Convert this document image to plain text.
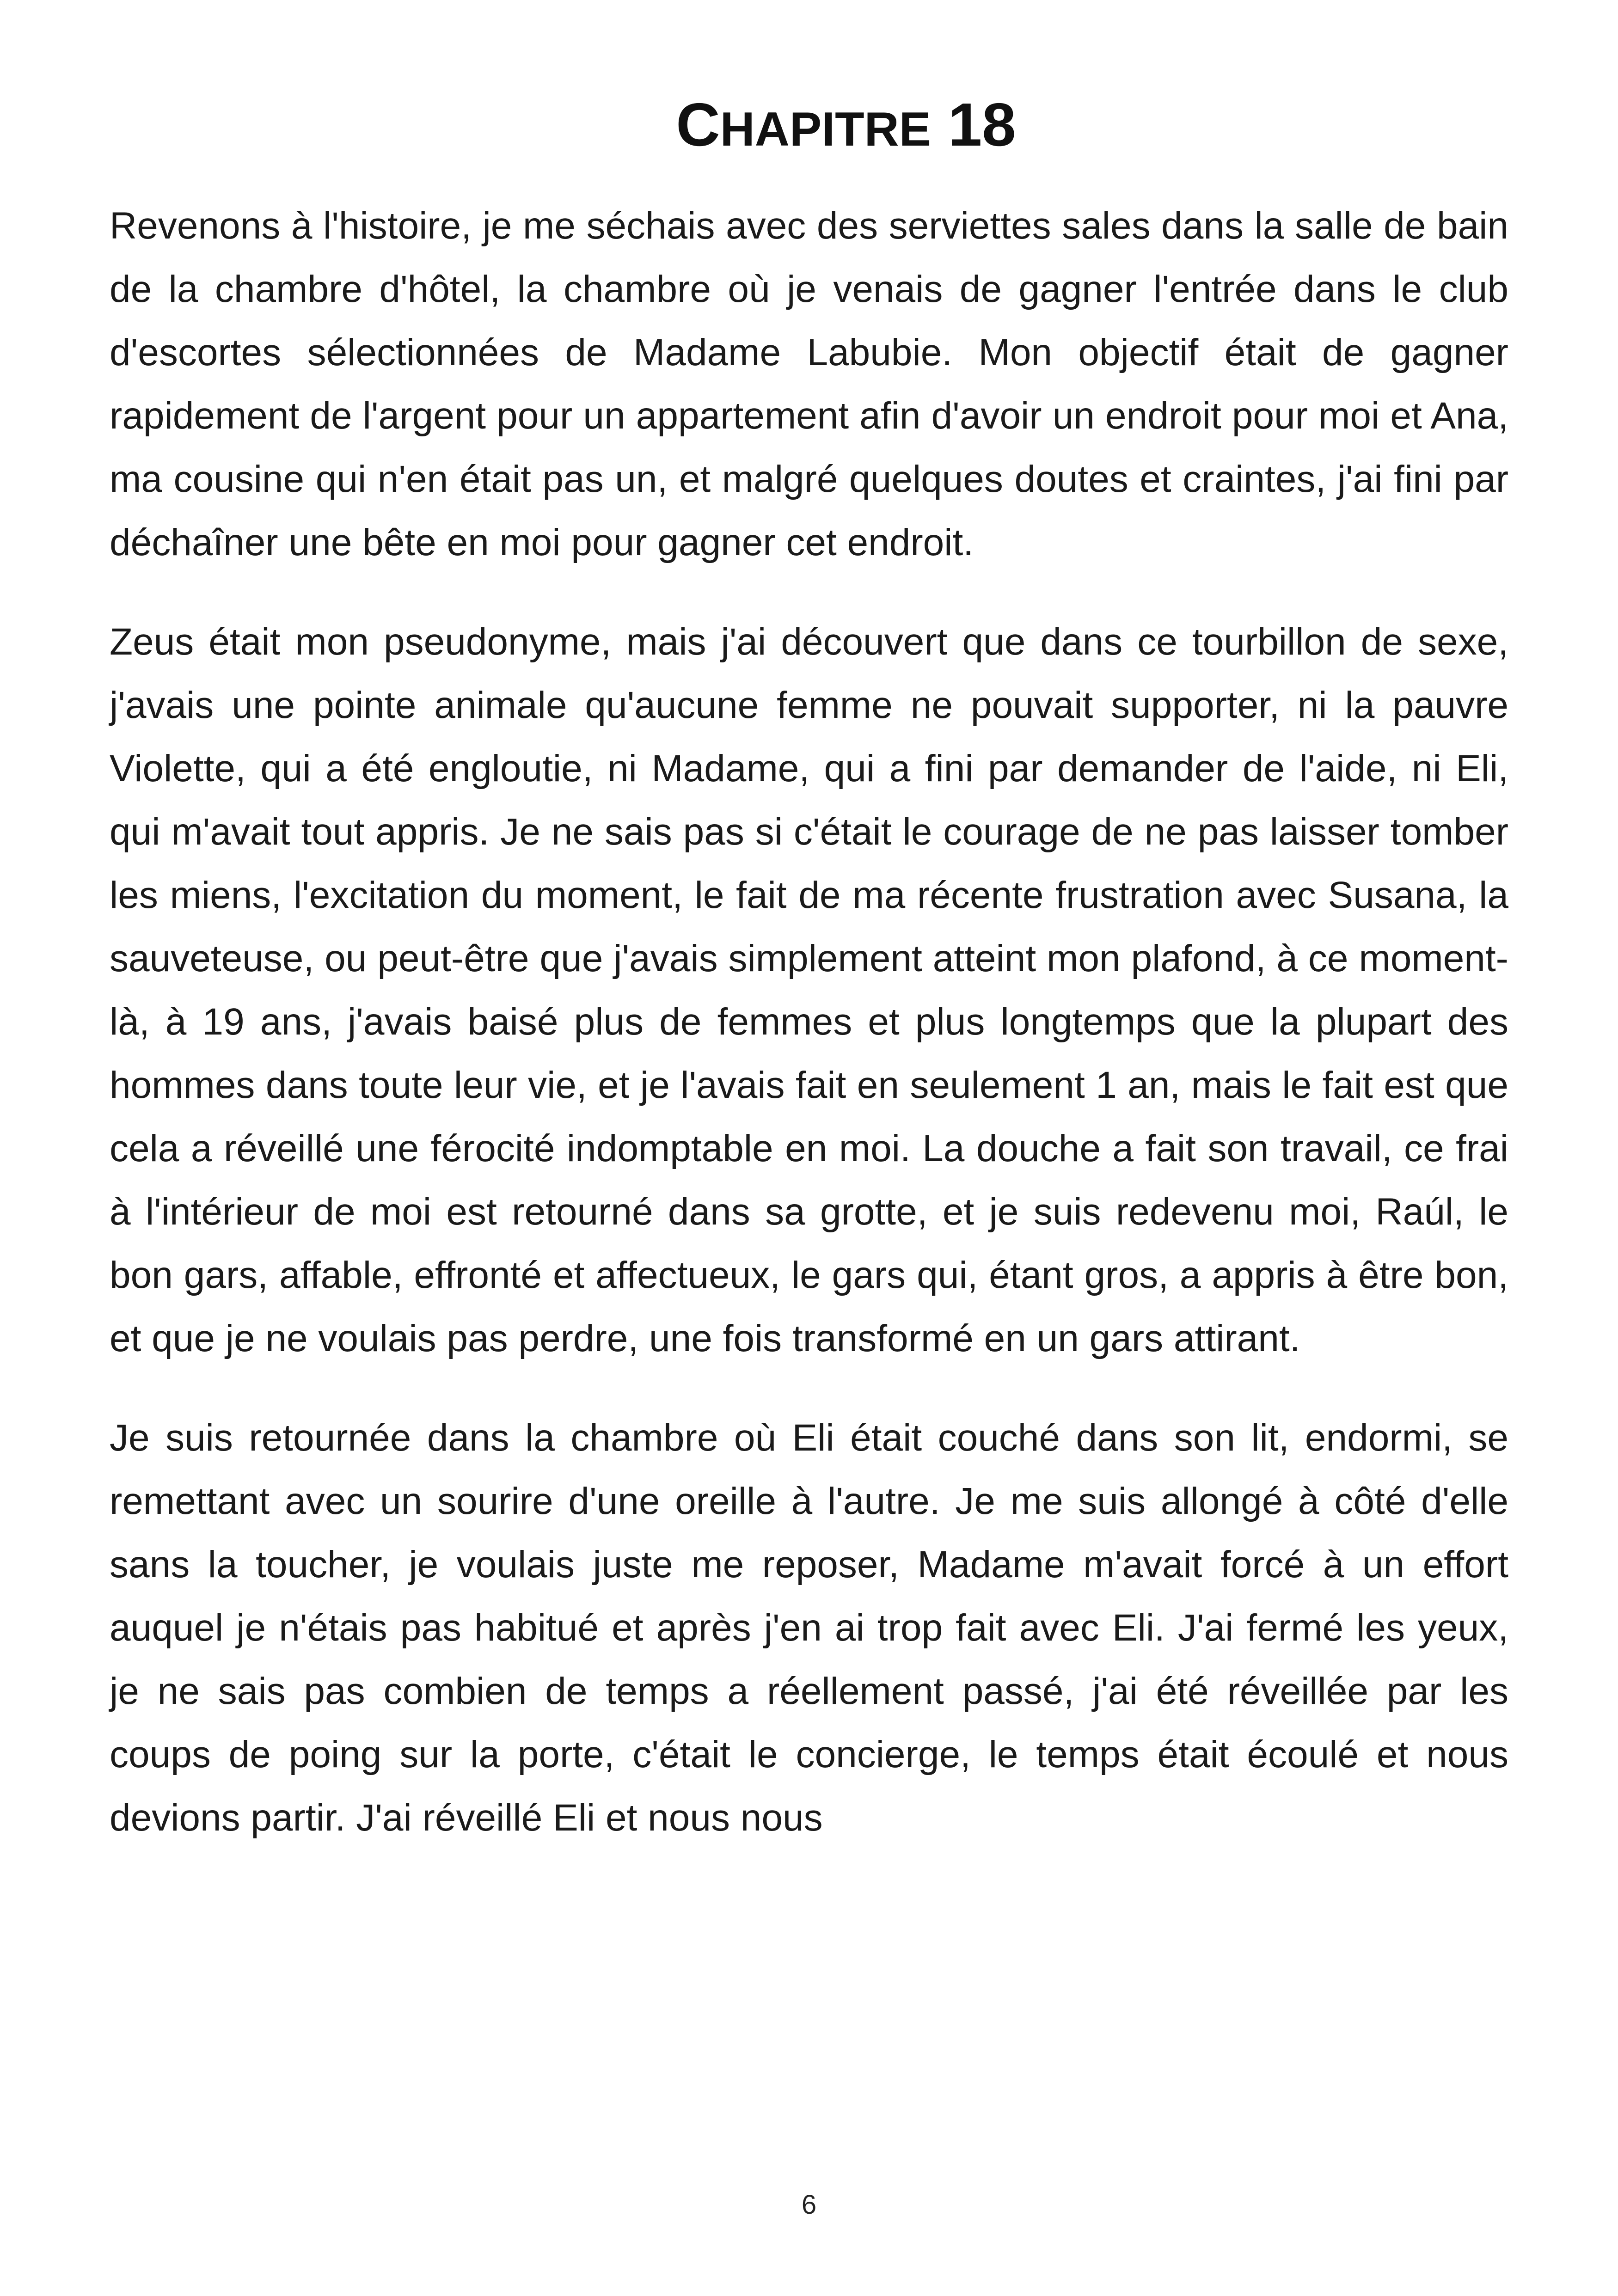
CHAPITRE 18

Revenons à l'histoire, je me séchais avec des serviettes sales dans la salle de bain de la chambre d'hôtel, la chambre où je venais de gagner l'entrée dans le club d'escortes sélectionnées de Madame Labubie. Mon objectif était de gagner rapidement de l'argent pour un appartement afin d'avoir un endroit pour moi et Ana, ma cousine qui n'en était pas un, et malgré quelques doutes et craintes, j'ai fini par déchaîner une bête en moi pour gagner cet endroit.

Zeus était mon pseudonyme, mais j'ai découvert que dans ce tourbillon de sexe, j'avais une pointe animale qu'aucune femme ne pouvait supporter, ni la pauvre Violette, qui a été engloutie, ni Madame, qui a fini par demander de l'aide, ni Eli, qui m'avait tout appris. Je ne sais pas si c'était le courage de ne pas laisser tomber les miens, l'excitation du moment, le fait de ma récente frustration avec Susana, la sauveteuse, ou peut-être que j'avais simplement atteint mon plafond, à ce moment-là, à 19 ans, j'avais baisé plus de femmes et plus longtemps que la plupart des hommes dans toute leur vie, et je l'avais fait en seulement 1 an, mais le fait est que cela a réveillé une férocité indomptable en moi. La douche a fait son travail, ce frai à l'intérieur de moi est retourné dans sa grotte, et je suis redevenu moi, Raúl, le bon gars, affable, effronté et affectueux, le gars qui, étant gros, a appris à être bon, et que je ne voulais pas perdre, une fois transformé en un gars attirant.

Je suis retournée dans la chambre où Eli était couché dans son lit, endormi, se remettant avec un sourire d'une oreille à l'autre. Je me suis allongé à côté d'elle sans la toucher, je voulais juste me reposer, Madame m'avait forcé à un effort auquel je n'étais pas habitué et après j'en ai trop fait avec Eli. J'ai fermé les yeux, je ne sais pas combien de temps a réellement passé, j'ai été réveillée par les coups de poing sur la porte, c'était le concierge, le temps était écoulé et nous devions partir. J'ai réveillé Eli et nous nous

6
